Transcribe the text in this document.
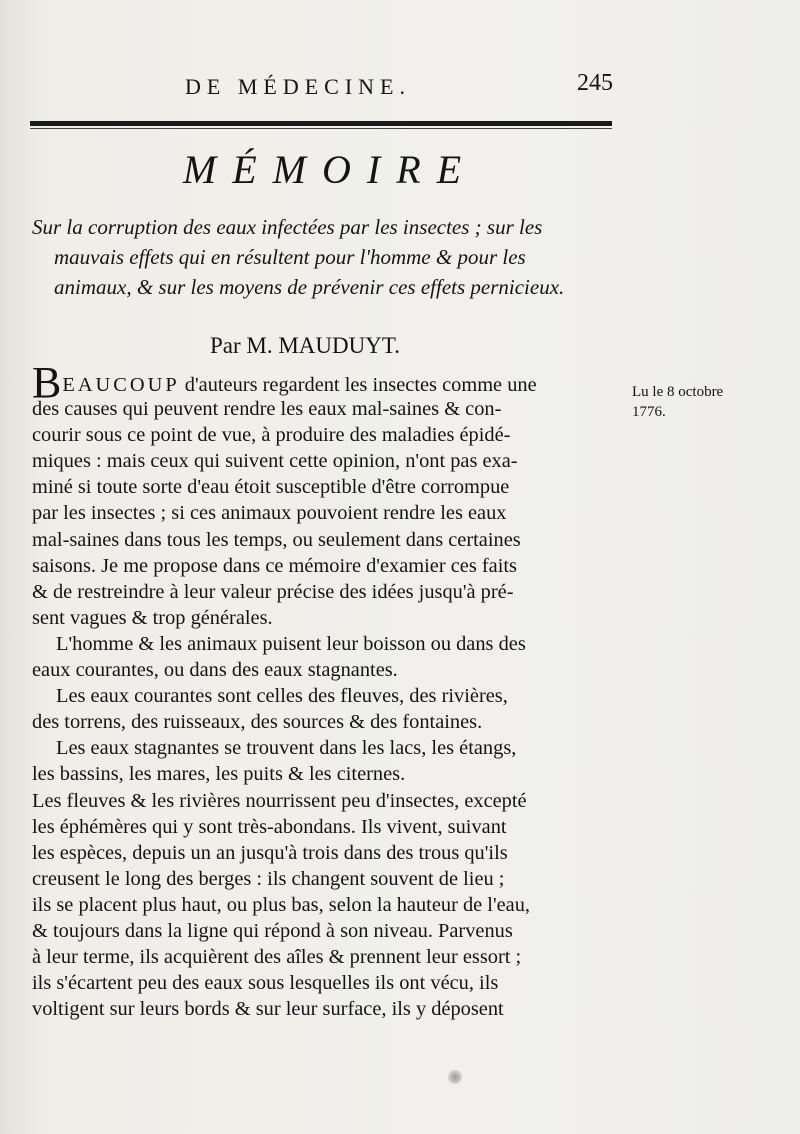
DE MÉDECINE.	245
MÉMOIRE
Sur la corruption des eaux infectées par les insectes ; sur les
mauvais effets qui en résultent pour l'homme & pour les
animaux, & sur les moyens de prévenir ces effets pernicieux.
Par M. MAUDUYT.
Lu le 8 octobre
1776.
BEAUCOUP d'auteurs regardent les insectes comme une
des causes qui peuvent rendre les eaux mal-saines & con-
courir sous ce point de vue, à produire des maladies épidé-
miques : mais ceux qui suivent cette opinion, n'ont pas exa-
miné si toute sorte d'eau étoit susceptible d'être corrompue
par les insectes ; si ces animaux pouvoient rendre les eaux
mal-saines dans tous les temps, ou seulement dans certaines
saisons. Je me propose dans ce mémoire d'examier ces faits
& de restreindre à leur valeur précise des idées jusqu'à pré-
sent vagues & trop générales.
L'homme & les animaux puisent leur boisson ou dans des
eaux courantes, ou dans des eaux stagnantes.
Les eaux courantes sont celles des fleuves, des rivières,
des torrens, des ruisseaux, des sources & des fontaines.
Les eaux stagnantes se trouvent dans les lacs, les étangs,
les bassins, les mares, les puits & les citernes.
Les fleuves & les rivières nourrissent peu d'insectes, excepté
les éphémères qui y sont très-abondans. Ils vivent, suivant
les espèces, depuis un an jusqu'à trois dans des trous qu'ils
creusent le long des berges : ils changent souvent de lieu ;
ils se placent plus haut, ou plus bas, selon la hauteur de l'eau,
& toujours dans la ligne qui répond à son niveau. Parvenus
à leur terme, ils acquièrent des aîles & prennent leur essort ;
ils s'écartent peu des eaux sous lesquelles ils ont vécu, ils
voltigent sur leurs bords & sur leur surface, ils y déposent
